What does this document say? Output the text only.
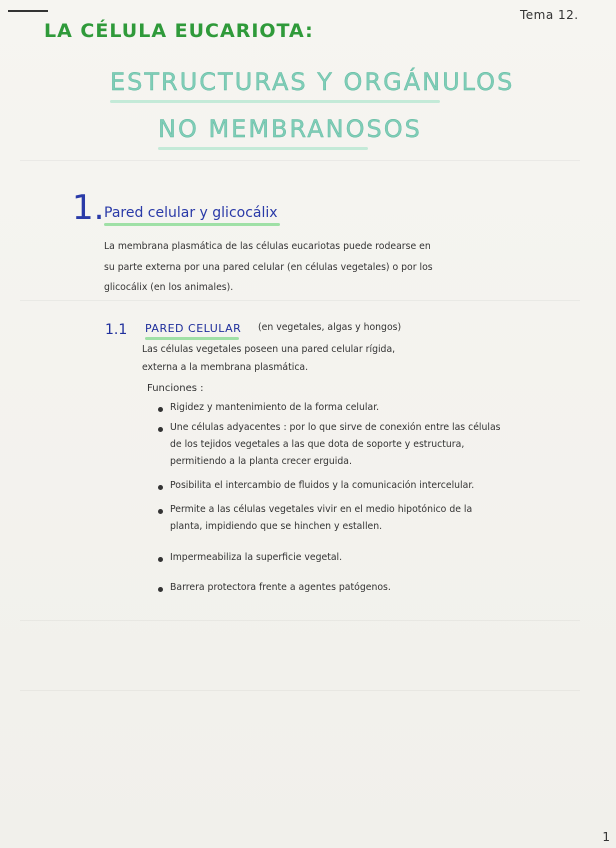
Tema 12.
LA CÉLULA EUCARIOTA:
ESTRUCTURAS Y ORGÁNULOS
NO MEMBRANOSOS
1. Pared celular y glicocálix
La membrana plasmática de las células eucariotas puede rodearse en
su parte externa por una pared celular (en células vegetales) o por los
glicocálix (en los animales).
1.1 PARED CELULAR (en vegetales, algas y hongos)
Las células vegetales poseen una pared celular rígida,
externa a la membrana plasmática.
Funciones :
Rigidez y mantenimiento de la forma celular.
Une células adyacentes : por lo que sirve de conexión entre las células
de los tejidos vegetales a las que dota de soporte y estructura,
permitiendo a la planta crecer erguida.
Posibilita el intercambio de fluidos y la comunicación intercelular.
Permite a las células vegetales vivir en el medio hipotónico de la
planta, impidiendo que se hinchen y estallen.
Impermeabiliza la superficie vegetal.
Barrera protectora frente a agentes patógenos.
1
